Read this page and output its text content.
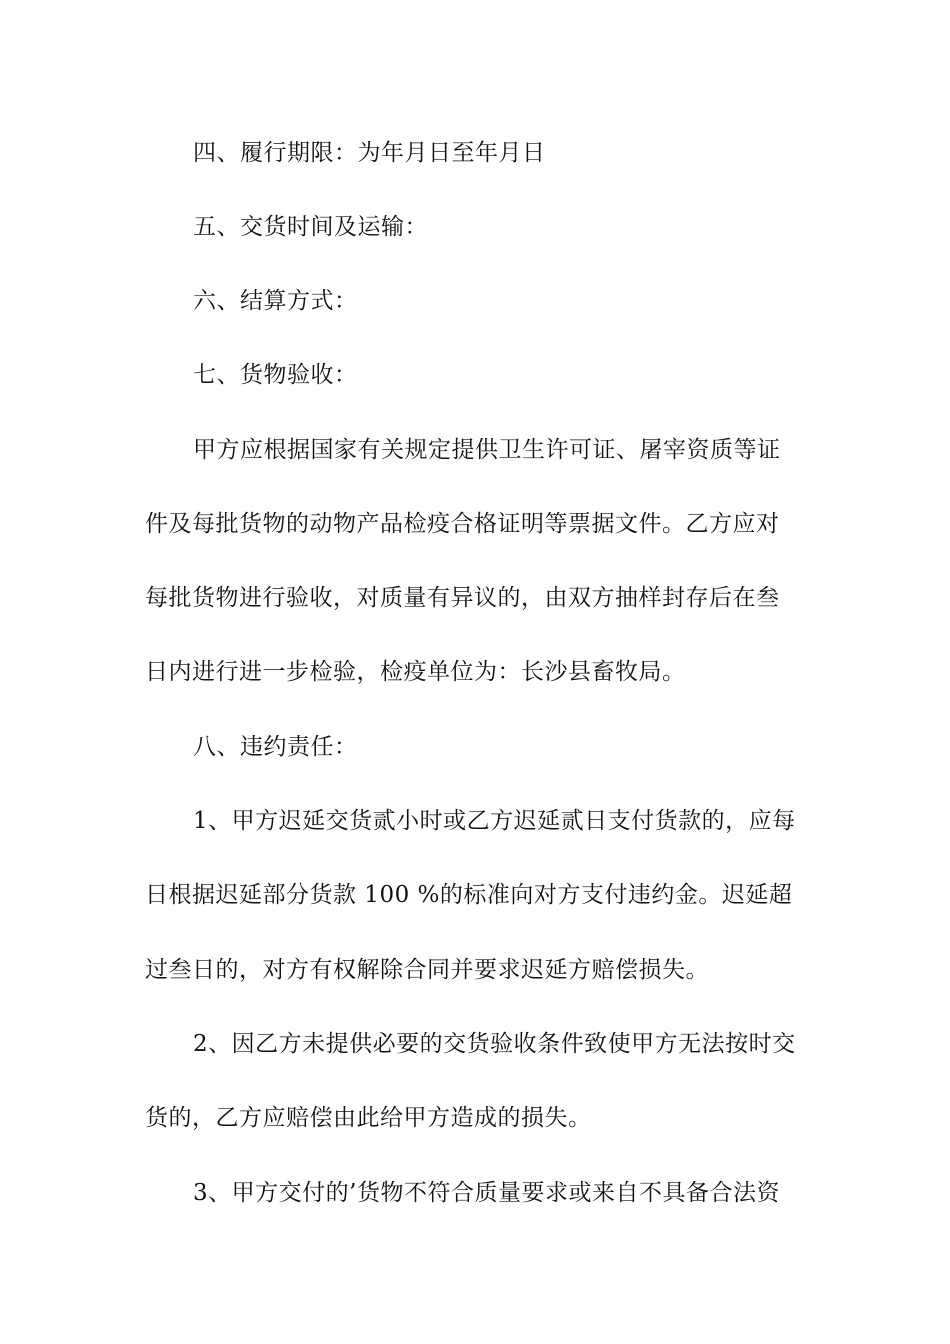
四、履行期限：为年月日至年月日
五、交货时间及运输：
六、结算方式：
七、货物验收：
甲方应根据国家有关规定提供卫生许可证、屠宰资质等证
件及每批货物的动物产品检疫合格证明等票据文件。乙方应对
每批货物进行验收，对质量有异议的，由双方抽样封存后在叁
日内进行进一步检验，检疫单位为：长沙县畜牧局。
八、违约责任：
1、甲方迟延交货贰小时或乙方迟延贰日支付货款的，应每
日根据迟延部分货款 100 %的标准向对方支付违约金。迟延超
过叁日的，对方有权解除合同并要求迟延方赔偿损失。
2、因乙方未提供必要的交货验收条件致使甲方无法按时交
货的，乙方应赔偿由此给甲方造成的损失。
3、甲方交付的’货物不符合质量要求或来自不具备合法资
